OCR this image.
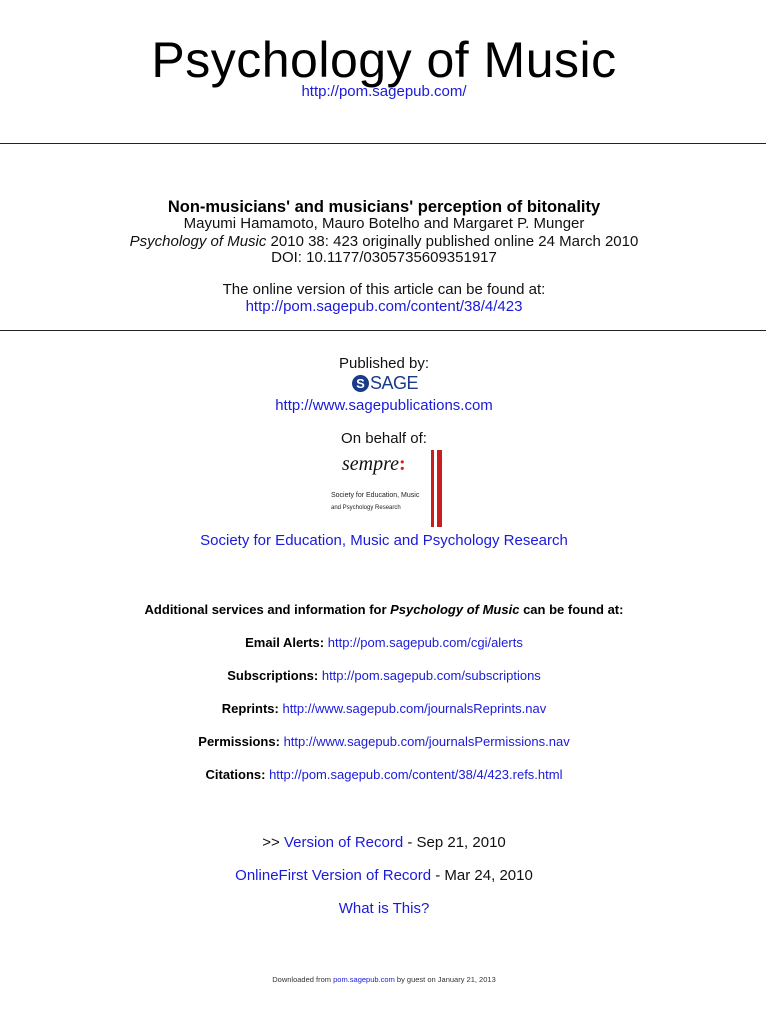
Psychology of Music
http://pom.sagepub.com/
Non-musicians' and musicians' perception of bitonality
Mayumi Hamamoto, Mauro Botelho and Margaret P. Munger
Psychology of Music 2010 38: 423 originally published online 24 March 2010
DOI: 10.1177/0305735609351917
The online version of this article can be found at:
http://pom.sagepub.com/content/38/4/423
Published by:
S SAGE
http://www.sagepublications.com
On behalf of:
sempre:
Society for Education, Music
and Psychology Research
Society for Education, Music and Psychology Research
Additional services and information for Psychology of Music can be found at:
Email Alerts: http://pom.sagepub.com/cgi/alerts
Subscriptions: http://pom.sagepub.com/subscriptions
Reprints: http://www.sagepub.com/journalsReprints.nav
Permissions: http://www.sagepub.com/journalsPermissions.nav
Citations: http://pom.sagepub.com/content/38/4/423.refs.html
>> Version of Record - Sep 21, 2010
OnlineFirst Version of Record - Mar 24, 2010
What is This?
Downloaded from pom.sagepub.com by guest on January 21, 2013
